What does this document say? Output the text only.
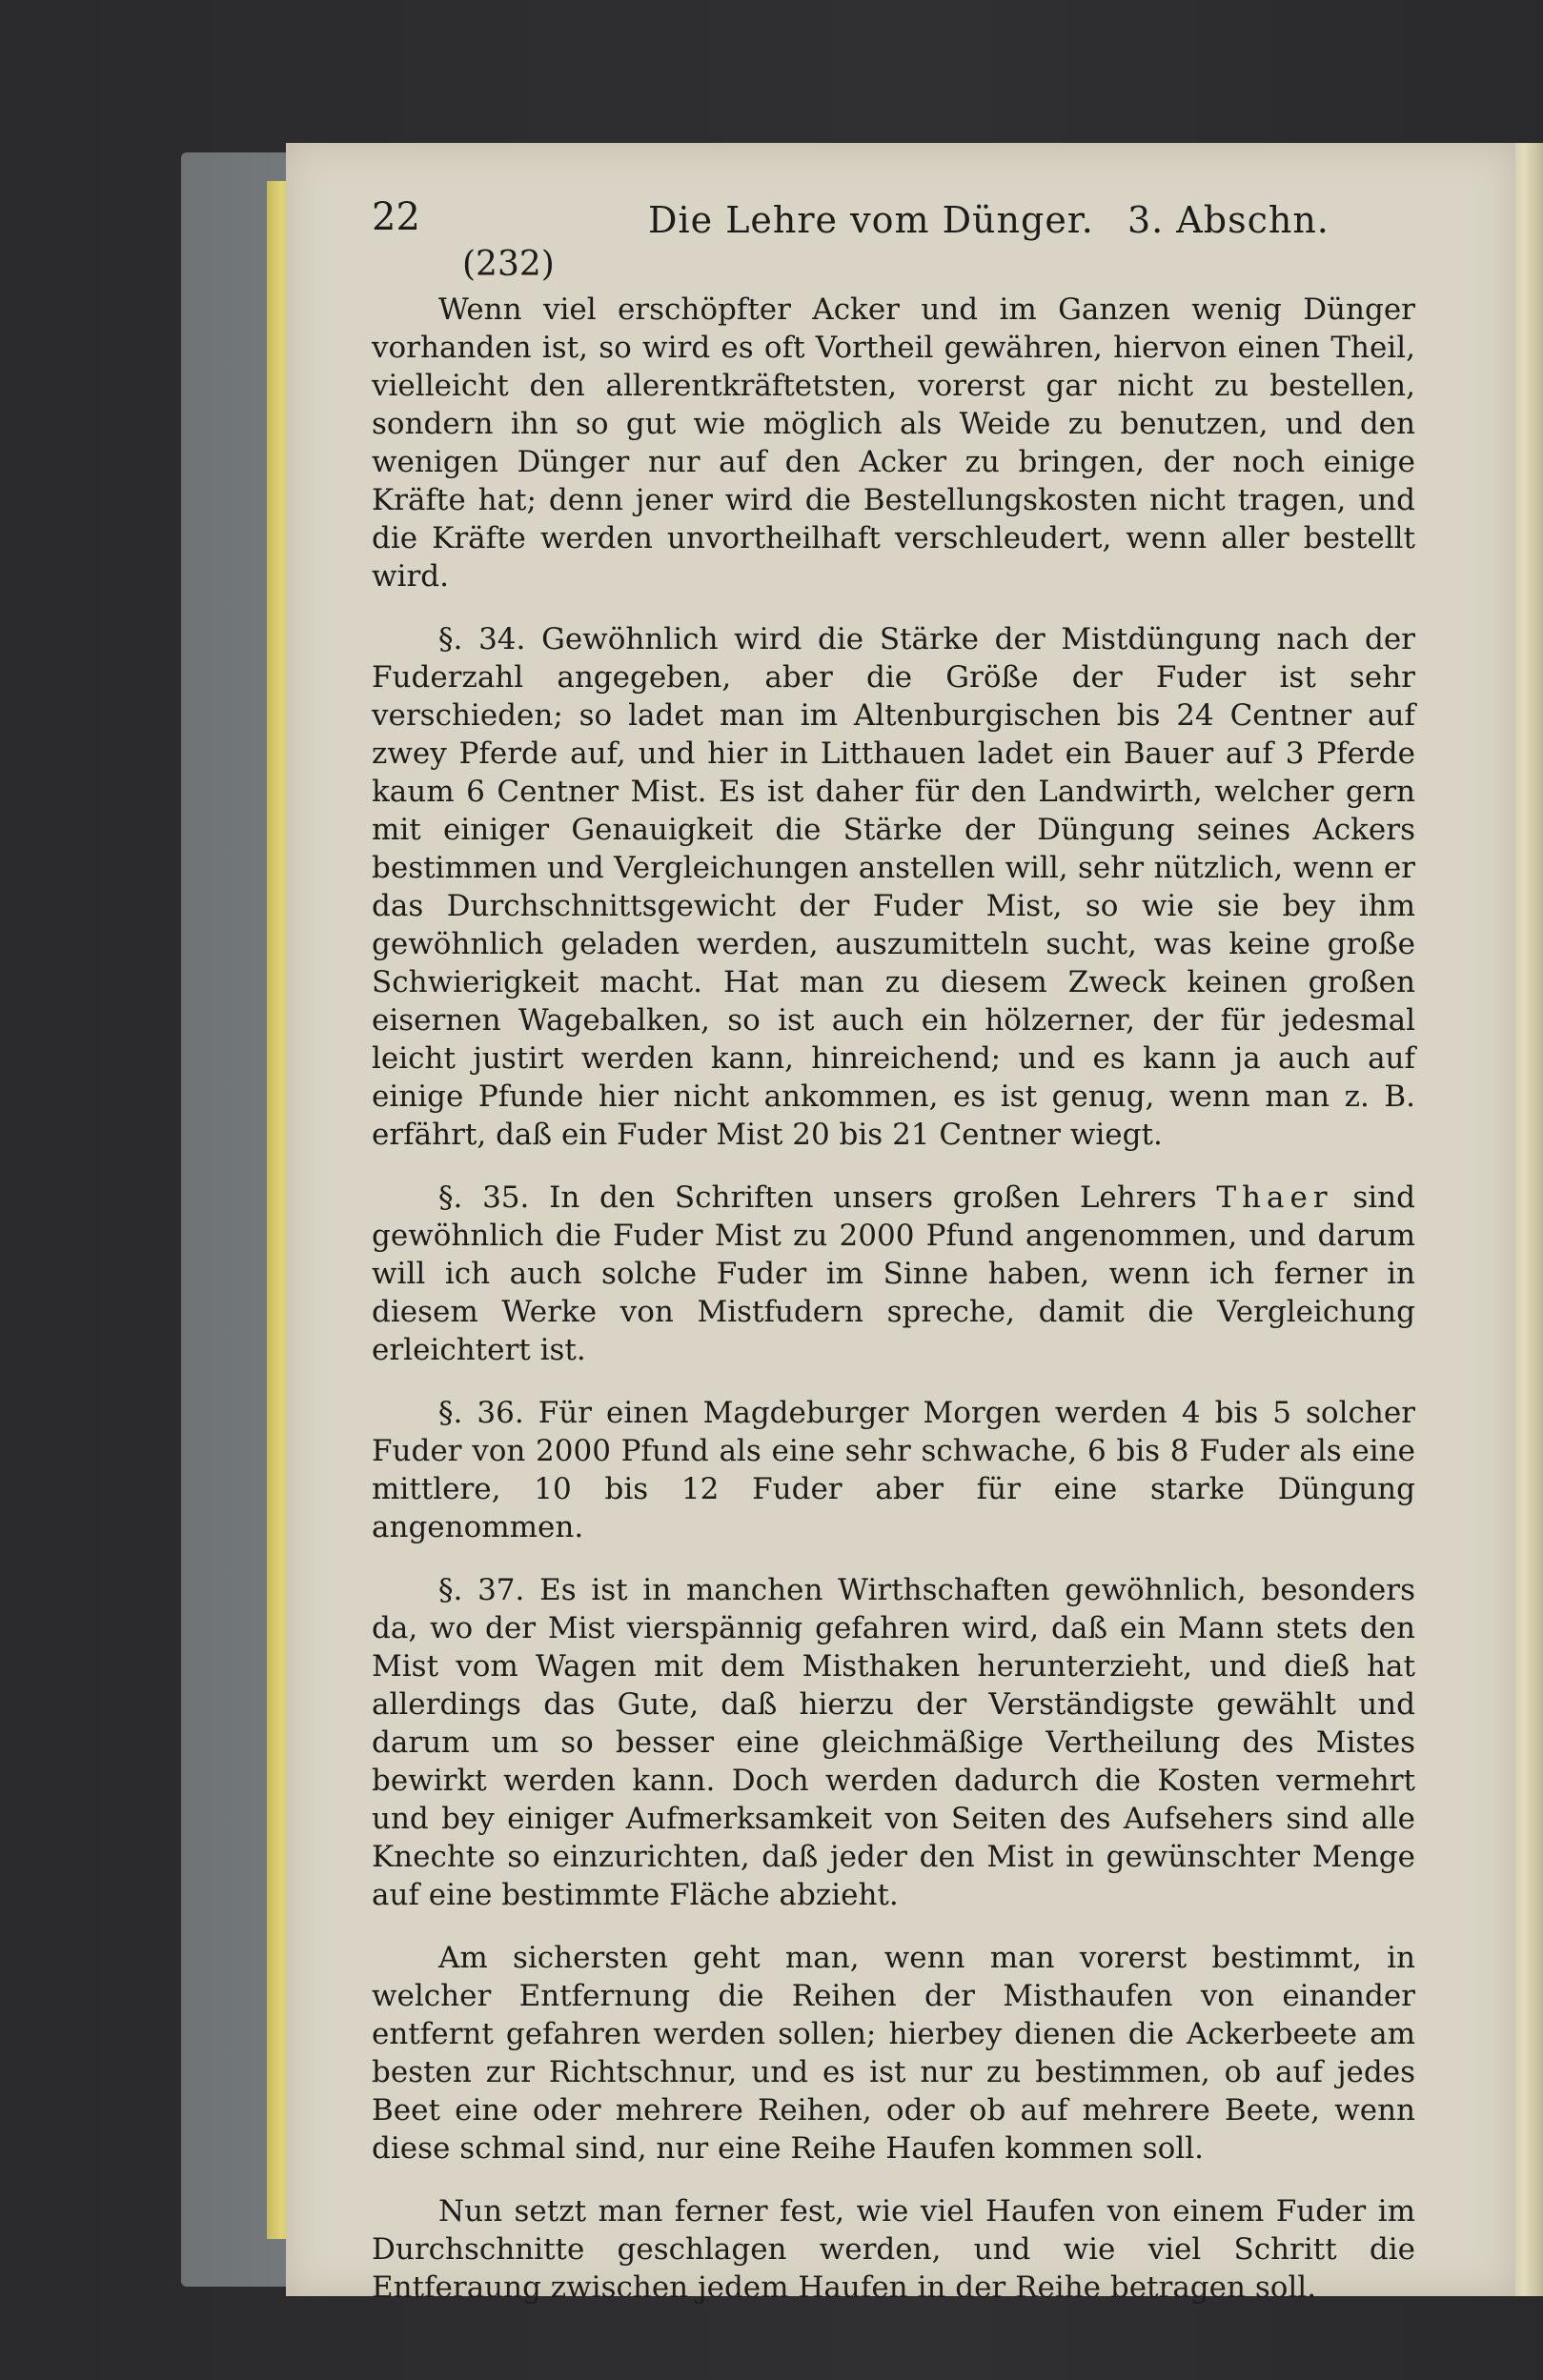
22	Die Lehre vom Dünger. 3. Abschn.
(232)

Wenn viel erschöpfter Acker und im Ganzen wenig Dünger vorhanden ist, so wird es oft Vortheil gewähren, hiervon einen Theil, vielleicht den allerentkräftetsten, vorerst gar nicht zu bestellen, sondern ihn so gut wie möglich als Weide zu benutzen, und den wenigen Dünger nur auf den Acker zu bringen, der noch einige Kräfte hat; denn jener wird die Bestellungskosten nicht tragen, und die Kräfte werden unvortheilhaft verschleudert, wenn aller bestellt wird.

§. 34. Gewöhnlich wird die Stärke der Mistdüngung nach der Fuderzahl angegeben, aber die Größe der Fuder ist sehr verschieden; so ladet man im Altenburgischen bis 24 Centner auf zwey Pferde auf, und hier in Litthauen ladet ein Bauer auf 3 Pferde kaum 6 Centner Mist. Es ist daher für den Landwirth, welcher gern mit einiger Genauigkeit die Stärke der Düngung seines Ackers bestimmen und Vergleichungen anstellen will, sehr nützlich, wenn er das Durchschnittsgewicht der Fuder Mist, so wie sie bey ihm gewöhnlich geladen werden, auszumitteln sucht, was keine große Schwierigkeit macht. Hat man zu diesem Zweck keinen großen eisernen Wagebalken, so ist auch ein hölzerner, der für jedesmal leicht justirt werden kann, hinreichend; und es kann ja auch auf einige Pfunde hier nicht ankommen, es ist genug, wenn man z. B. erfährt, daß ein Fuder Mist 20 bis 21 Centner wiegt.

§. 35. In den Schriften unsers großen Lehrers Thaer sind gewöhnlich die Fuder Mist zu 2000 Pfund angenommen, und darum will ich auch solche Fuder im Sinne haben, wenn ich ferner in diesem Werke von Mistfudern spreche, damit die Vergleichung erleichtert ist.

§. 36. Für einen Magdeburger Morgen werden 4 bis 5 solcher Fuder von 2000 Pfund als eine sehr schwache, 6 bis 8 Fuder als eine mittlere, 10 bis 12 Fuder aber für eine starke Düngung angenommen.

§. 37. Es ist in manchen Wirthschaften gewöhnlich, besonders da, wo der Mist vierspännig gefahren wird, daß ein Mann stets den Mist vom Wagen mit dem Misthaken herunterzieht, und dieß hat allerdings das Gute, daß hierzu der Verständigste gewählt und darum um so besser eine gleichmäßige Vertheilung des Mistes bewirkt werden kann. Doch werden dadurch die Kosten vermehrt und bey einiger Aufmerksamkeit von Seiten des Aufsehers sind alle Knechte so einzurichten, daß jeder den Mist in gewünschter Menge auf eine bestimmte Fläche abzieht.

Am sichersten geht man, wenn man vorerst bestimmt, in welcher Entfernung die Reihen der Misthaufen von einander entfernt gefahren werden sollen; hierbey dienen die Ackerbeete am besten zur Richtschnur, und es ist nur zu bestimmen, ob auf jedes Beet eine oder mehrere Reihen, oder ob auf mehrere Beete, wenn diese schmal sind, nur eine Reihe Haufen kommen soll.

Nun setzt man ferner fest, wie viel Haufen von einem Fuder im Durchschnitte geschlagen werden, und wie viel Schritt die Entferaung zwischen jedem Haufen in der Reihe betragen soll.
